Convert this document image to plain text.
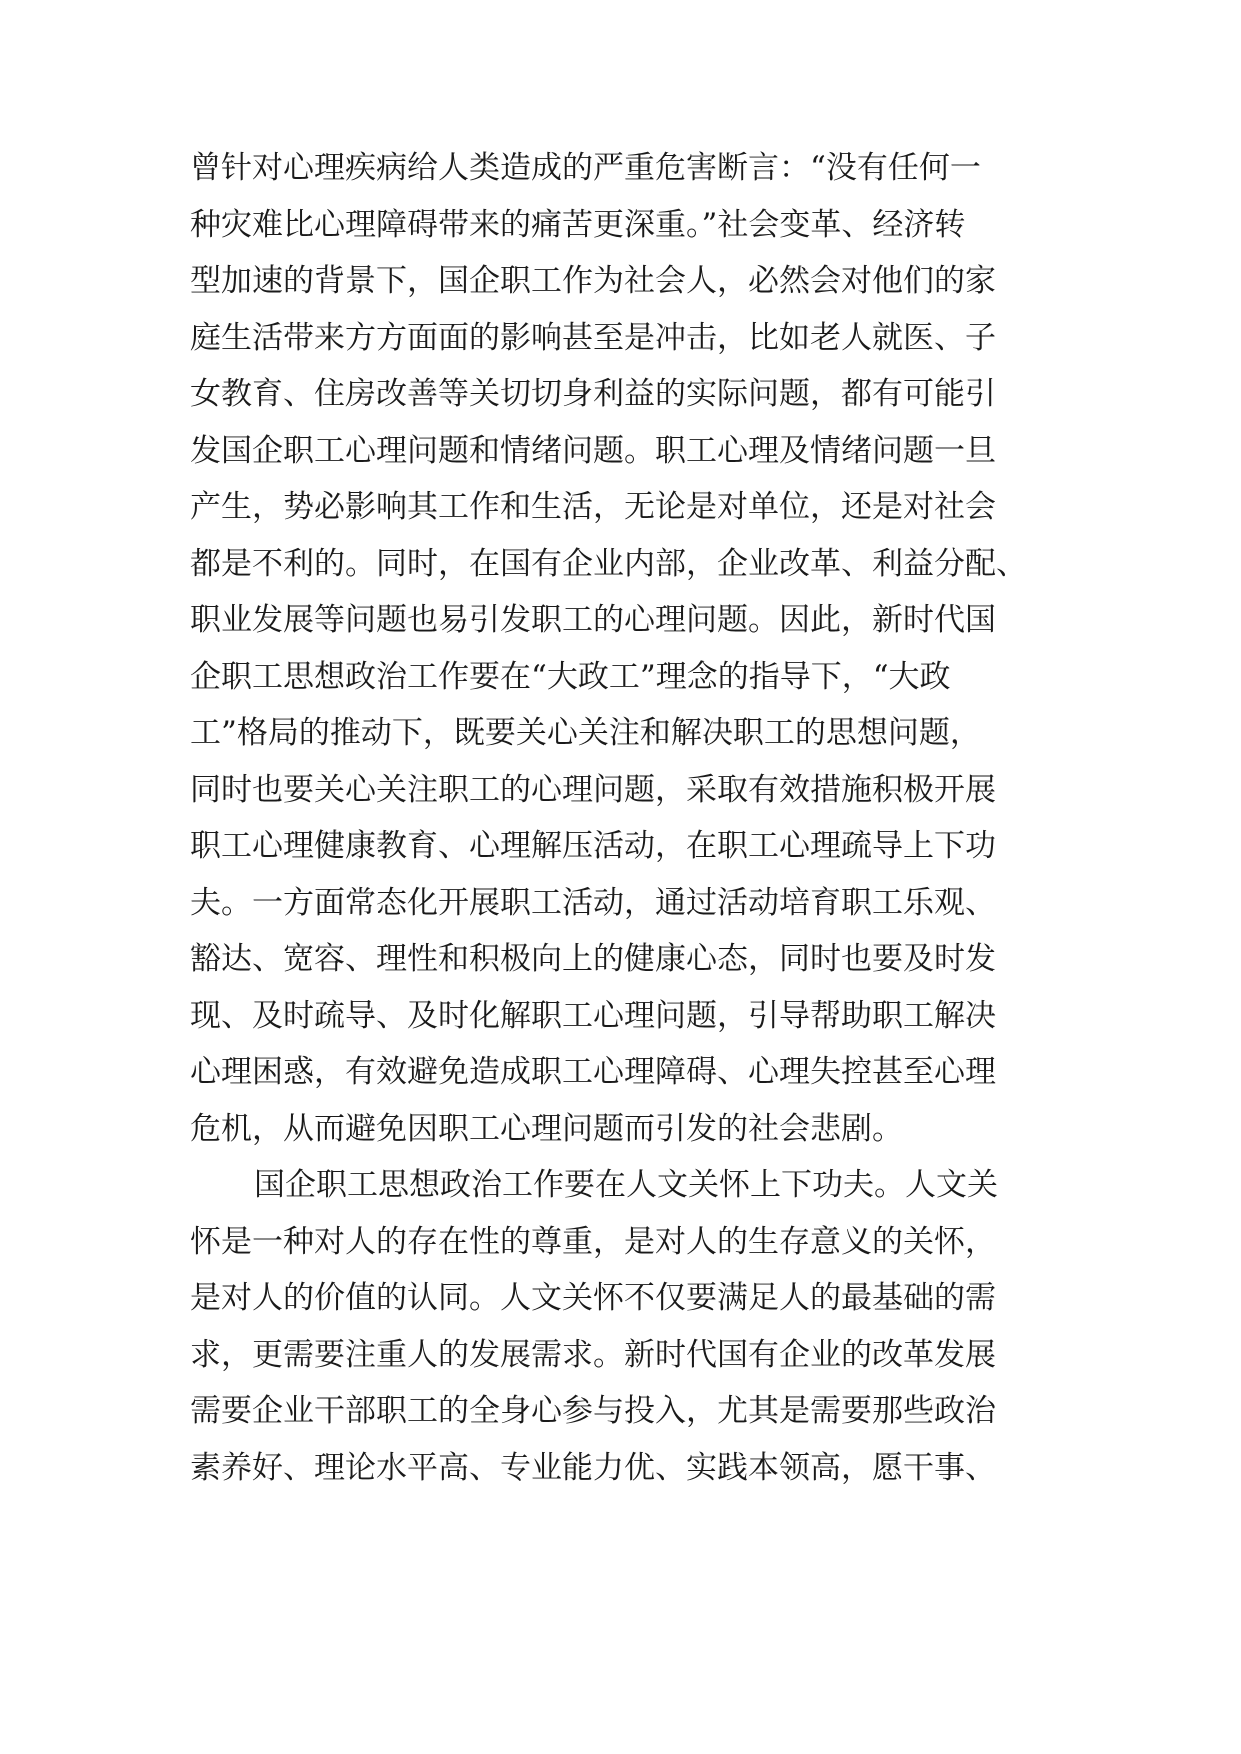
曾针对心理疾病给人类造成的严重危害断言：“没有任何一
种灾难比心理障碍带来的痛苦更深重。”社会变革、经济转
型加速的背景下，国企职工作为社会人，必然会对他们的家
庭生活带来方方面面的影响甚至是冲击，比如老人就医、子
女教育、住房改善等关切切身利益的实际问题，都有可能引
发国企职工心理问题和情绪问题。职工心理及情绪问题一旦
产生，势必影响其工作和生活，无论是对单位，还是对社会
都是不利的。同时，在国有企业内部，企业改革、利益分配、
职业发展等问题也易引发职工的心理问题。因此，新时代国
企职工思想政治工作要在“大政工”理念的指导下，“大政
工”格局的推动下，既要关心关注和解决职工的思想问题，
同时也要关心关注职工的心理问题，采取有效措施积极开展
职工心理健康教育、心理解压活动，在职工心理疏导上下功
夫。一方面常态化开展职工活动，通过活动培育职工乐观、
豁达、宽容、理性和积极向上的健康心态，同时也要及时发
现、及时疏导、及时化解职工心理问题，引导帮助职工解决
心理困惑，有效避免造成职工心理障碍、心理失控甚至心理
危机，从而避免因职工心理问题而引发的社会悲剧。
国企职工思想政治工作要在人文关怀上下功夫。人文关
怀是一种对人的存在性的尊重，是对人的生存意义的关怀，
是对人的价值的认同。人文关怀不仅要满足人的最基础的需
求，更需要注重人的发展需求。新时代国有企业的改革发展
需要企业干部职工的全身心参与投入，尤其是需要那些政治
素养好、理论水平高、专业能力优、实践本领高，愿干事、
